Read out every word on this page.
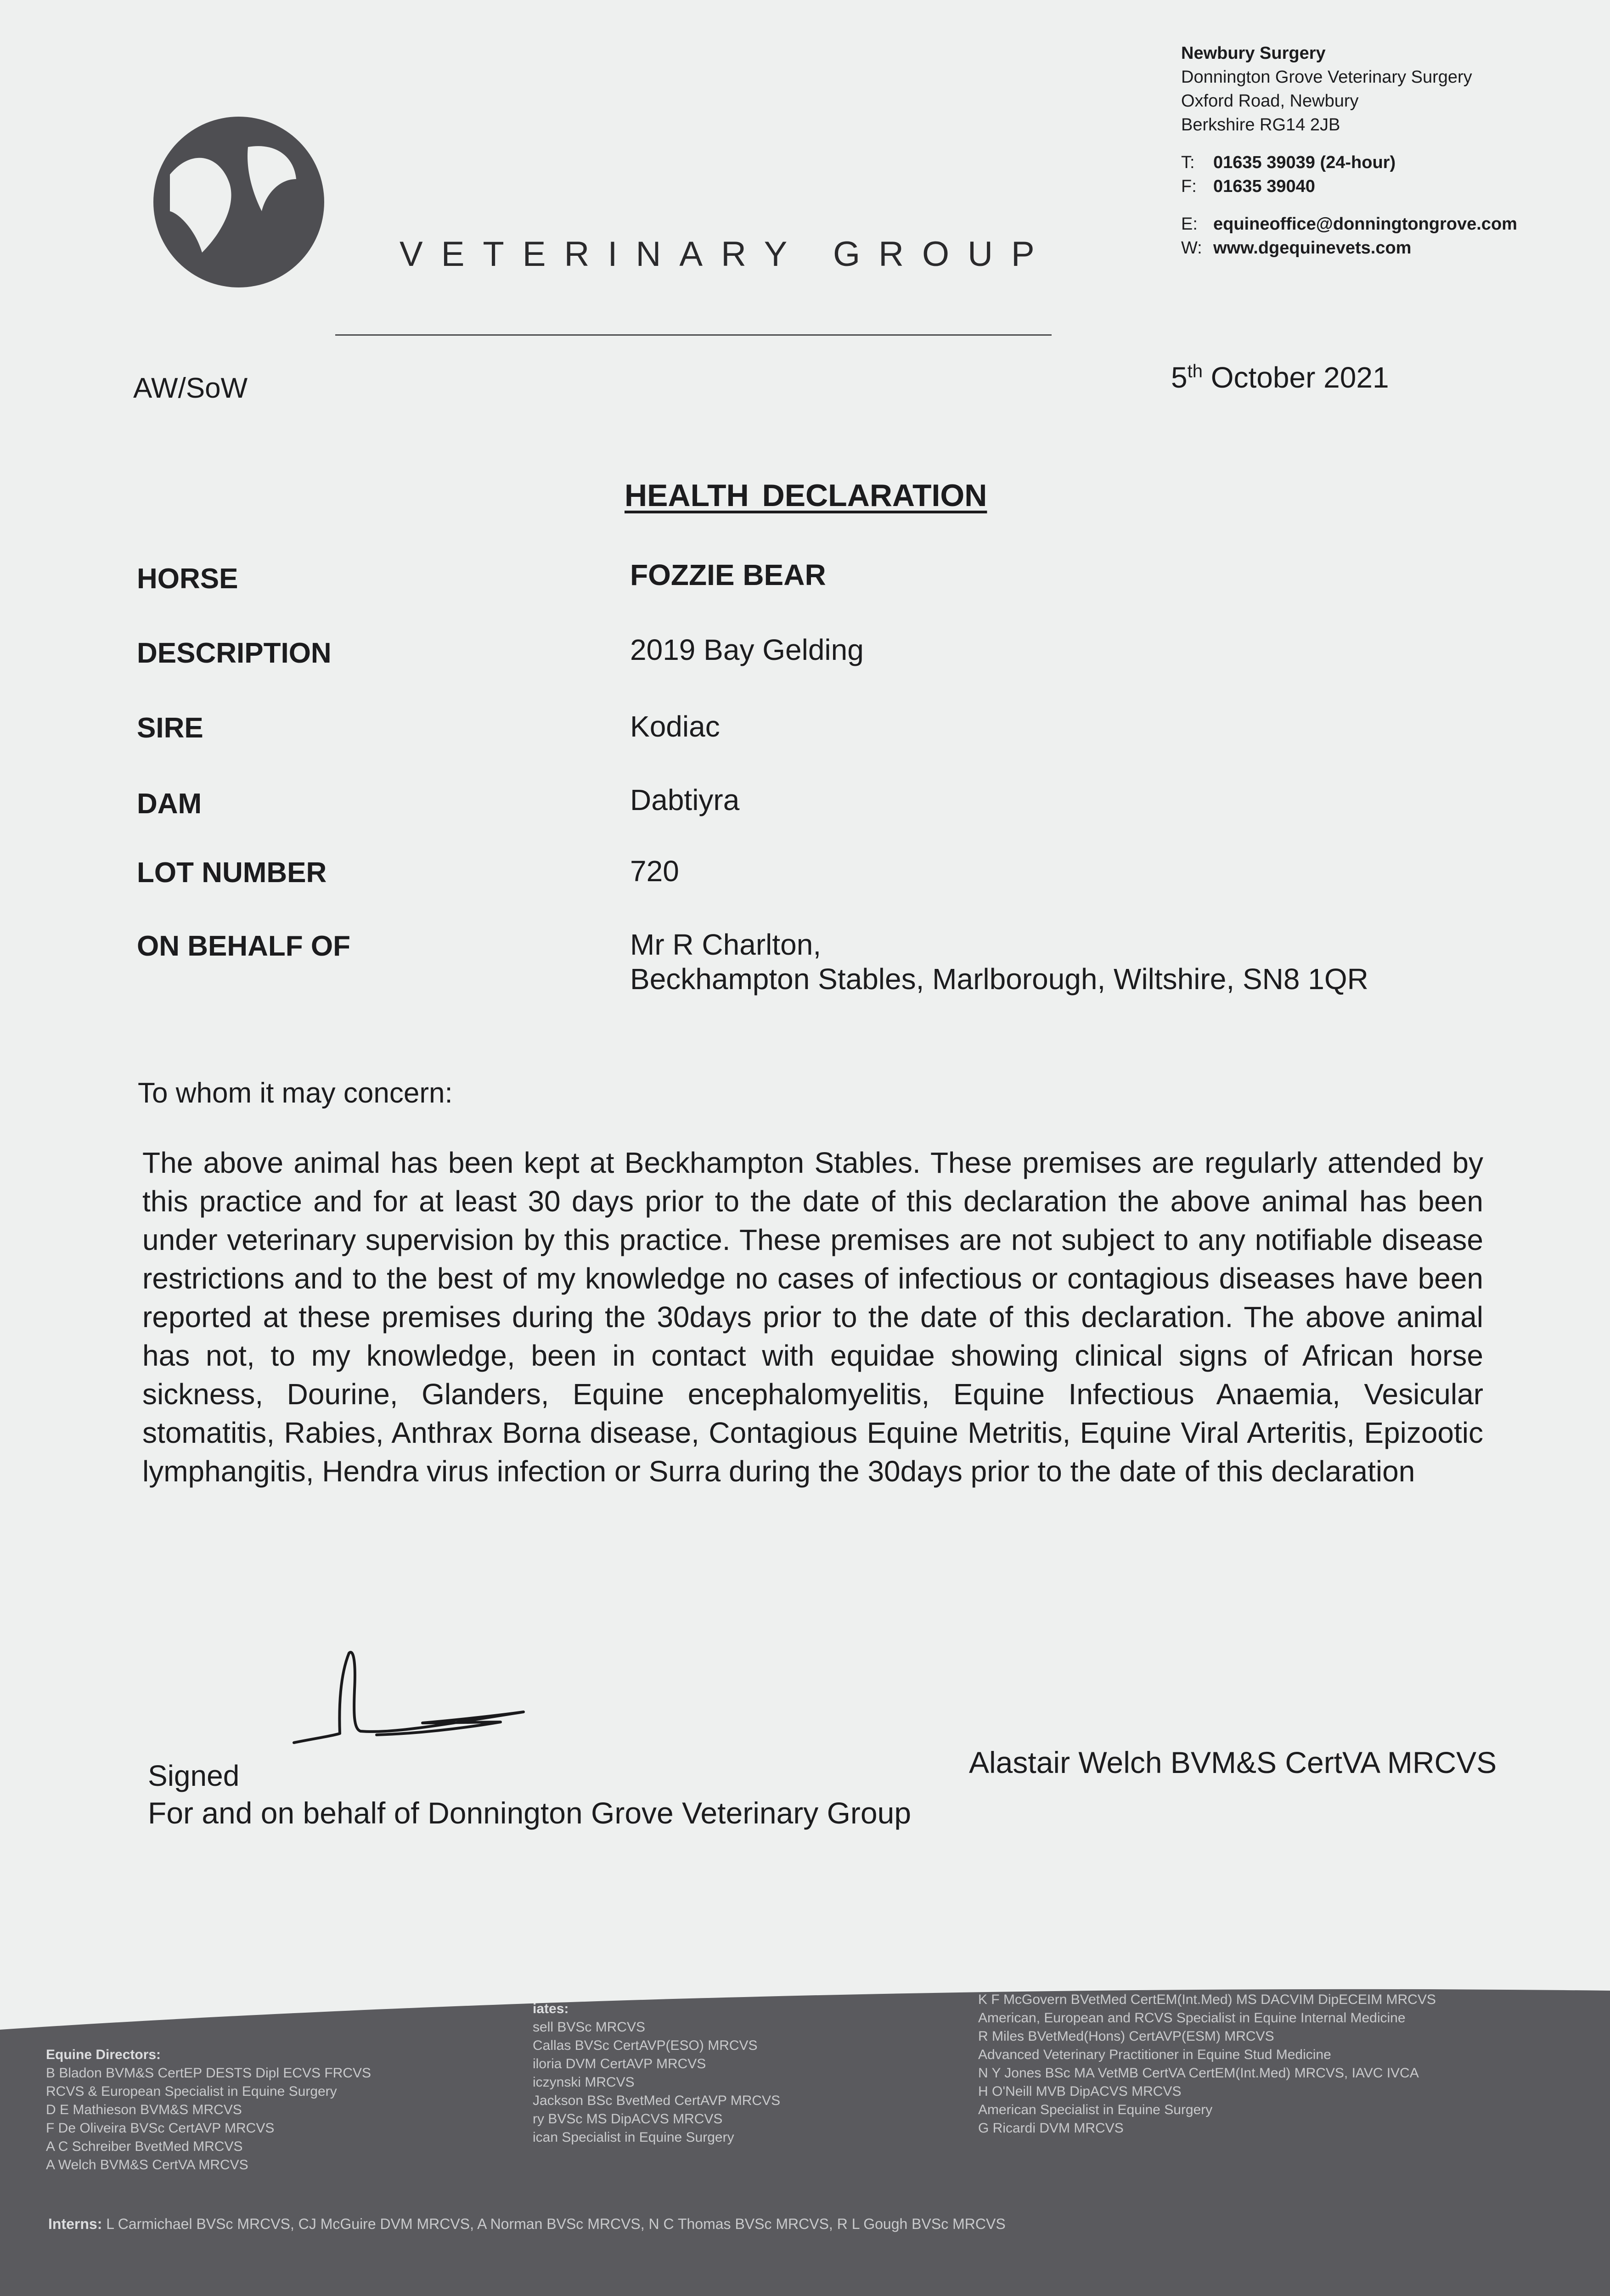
VETERINARY GROUP
Newbury Surgery
Donnington Grove Veterinary Surgery
Oxford Road, Newbury
Berkshire RG14 2JB
T:	01635 39039 (24-hour)
F: 01635 39040
E: equineoffice@donningtongrove.com
W: www.dgequinevets.com
AW/SoW	5th October 2021
HEALTH DECLARATION
HORSE	FOZZIE BEAR
DESCRIPTION	2019 Bay Gelding
SIRE	Kodiac
DAM	Dabtiyra
LOT NUMBER	720
ON BEHALF OF	Mr R Charlton,
Beckhampton Stables, Marlborough, Wiltshire, SN8 1QR
To whom it may concern:
The above animal has been kept at Beckhampton Stables. These premises are regularly attended by this practice and for at least 30 days prior to the date of this declaration the above animal has been under veterinary supervision by this practice. These premises are not subject to any notifiable disease restrictions and to the best of my knowledge no cases of infectious or contagious diseases have been reported at these premises during the 30days prior to the date of this declaration. The above animal has not, to my knowledge, been in contact with equidae showing clinical signs of African horse sickness, Dourine, Glanders, Equine encephalomyelitis, Equine Infectious Anaemia, Vesicular stomatitis, Rabies, Anthrax Borna disease, Contagious Equine Metritis, Equine Viral Arteritis, Epizootic lymphangitis, Hendra virus infection or Surra during the 30days prior to the date of this declaration
Signed	Alastair Welch BVM&S CertVA MRCVS
For and on behalf of Donnington Grove Veterinary Group
Equine Directors:
B Bladon BVM&S CertEP DESTS Dipl ECVS FRCVS
RCVS & European Specialist in Equine Surgery
D E Mathieson BVM&S MRCVS
F De Oliveira BVSc CertAVP MRCVS
A C Schreiber BvetMed MRCVS
A Welch BVM&S CertVA MRCVS
iates:
sell BVSc MRCVS
Callas BVSc CertAVP(ESO) MRCVS
iloria DVM CertAVP MRCVS
iczynski MRCVS
Jackson BSc BvetMed CertAVP MRCVS
ry BVSc MS DipACVS MRCVS
ican Specialist in Equine Surgery
K F McGovern BVetMed CertEM(Int.Med) MS DACVIM DipECEIM MRCVS
American, European and RCVS Specialist in Equine Internal Medicine
R Miles BVetMed(Hons) CertAVP(ESM) MRCVS
Advanced Veterinary Practitioner in Equine Stud Medicine
N Y Jones BSc MA VetMB CertVA CertEM(Int.Med) MRCVS, IAVC IVCA
H O'Neill MVB DipACVS MRCVS
American Specialist in Equine Surgery
G Ricardi DVM MRCVS
Interns: L Carmichael BVSc MRCVS, CJ McGuire DVM MRCVS, A Norman BVSc MRCVS, N C Thomas BVSc MRCVS, R L Gough BVSc MRCVS
